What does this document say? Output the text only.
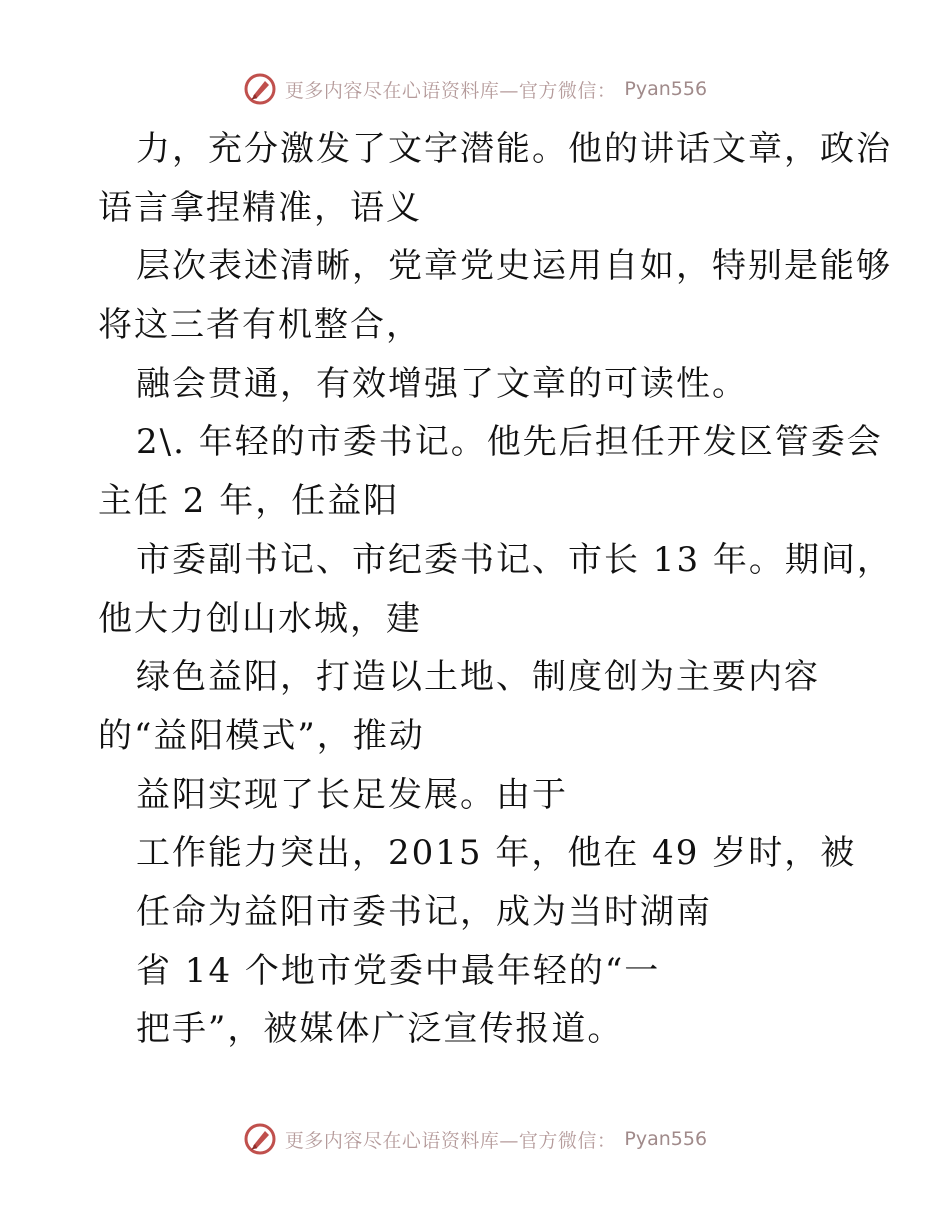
更多内容尽在心语资料库—官方微信： Pyan556
力，充分激发了文字潜能。他的讲话文章，政治
语言拿捏精准，语义
层次表述清晰，党章党史运用自如，特别是能够
将这三者有机整合，
融会贯通，有效增强了文章的可读性。
2\. 年轻的市委书记。他先后担任开发区管委会
主任 2 年，任益阳
市委副书记、市纪委书记、市长 13 年。期间，
他大力创山水城，建
绿色益阳，打造以土地、制度创为主要内容
的“益阳模式”，推动
益阳实现了长足发展。由于
工作能力突出，2015 年，他在 49 岁时，被
任命为益阳市委书记，成为当时湖南
省 14 个地市党委中最年轻的“一
把手”，被媒体广泛宣传报道。
更多内容尽在心语资料库—官方微信： Pyan556
